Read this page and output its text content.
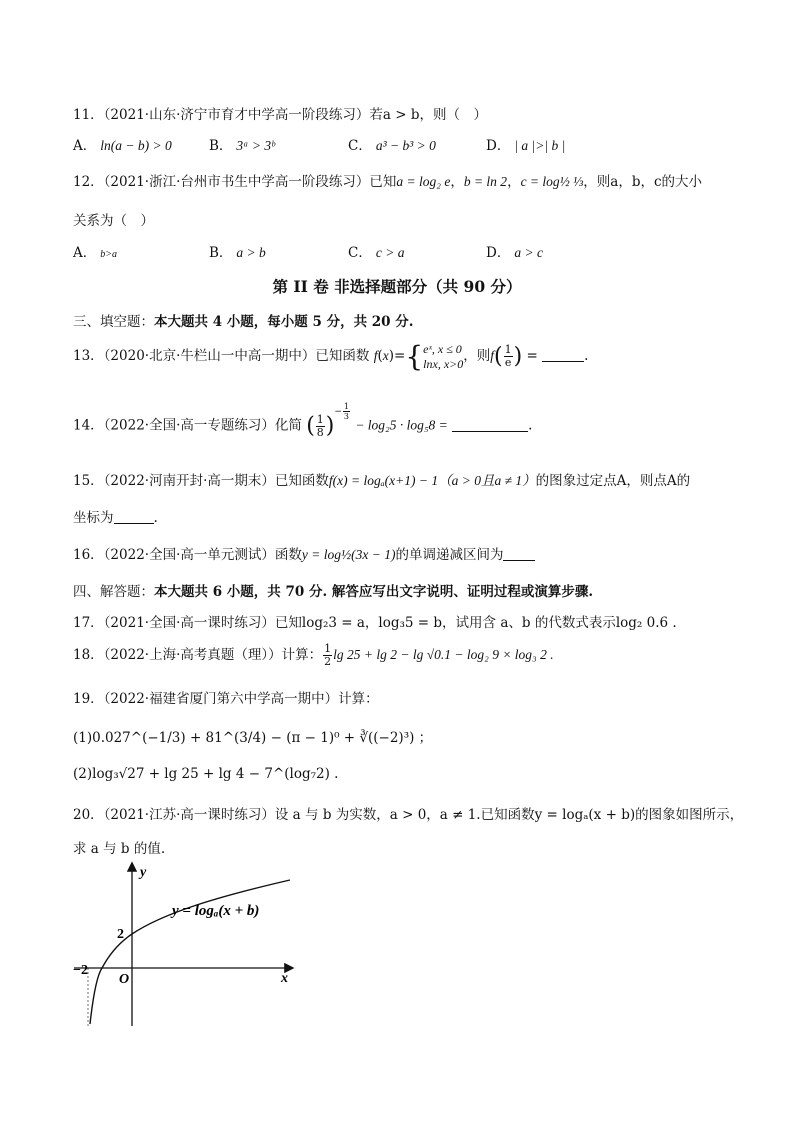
11．（2021·山东·济宁市育才中学高一阶段练习）若a > b，则（　）
A． ln(a − b) > 0	B． 3ᵃ > 3ᵇ	C． a³ − b³ > 0	D． | a |>| b |
12．（2021·浙江·台州市书生中学高一阶段练习）已知a = log₂ e，b = ln 2，c = log½ ⅓，则a，b，c的大小
关系为（　）
A． b>a	B． a > b	C． c > a	D． a > c
第 II 卷 非选择题部分（共 90 分）
三、填空题：本大题共 4 小题，每小题 5 分，共 20 分.
13．（2020·北京·牛栏山一中高一期中）已知函数 f(x)={eˣ, x ≤ 0
lnx, x>0，则$f( \frac{1}{e}$ ) =	.
14．（2022·全国·高一专题练习）化简 ( $\frac{1}{8} )^{- \frac{1}{3}}$
− log₂5 · log₅8 =	.
15．（2022·河南开封·高一期末）已知函数f(x) = logₐ(x+1) − 1（a > 0且a ≠ 1）的图象过定点A，则点A的
坐标为	.
16．（2022·全国·高一单元测试）函数y = log½(3x − 1)的单调递减区间为
四、解答题：本大题共 6 小题，共 70 分. 解答应写出文字说明、证明过程或演算步骤.
17．（2021·全国·高一课时练习）已知log₂3 = a，log₃5 = b，试用含 a、b 的代数式表示log₂ 0.6 .
18．（2022·上海·高考真题（理））计算： $\frac{1}{2}$ lg 25 + lg 2 − lg √0.1 − log₂ 9 × log₃ 2 .
19．（2022·福建省厦门第六中学高一期中）计算：
(1)0.027^(−1/3) + 81^(3/4) − (π − 1)⁰ + ∛((−2)³) ；
(2)log₃√27 + lg 25 + lg 4 − 7^(log₇2) .
20．（2021·江苏·高一课时练习）设 a 与 b 为实数，a > 0，a ≠ 1.已知函数y = logₐ(x + b)的图象如图所示，
求 a 与 b 的值.
y
x
O
−2
2
y = logₐ(x + b)
